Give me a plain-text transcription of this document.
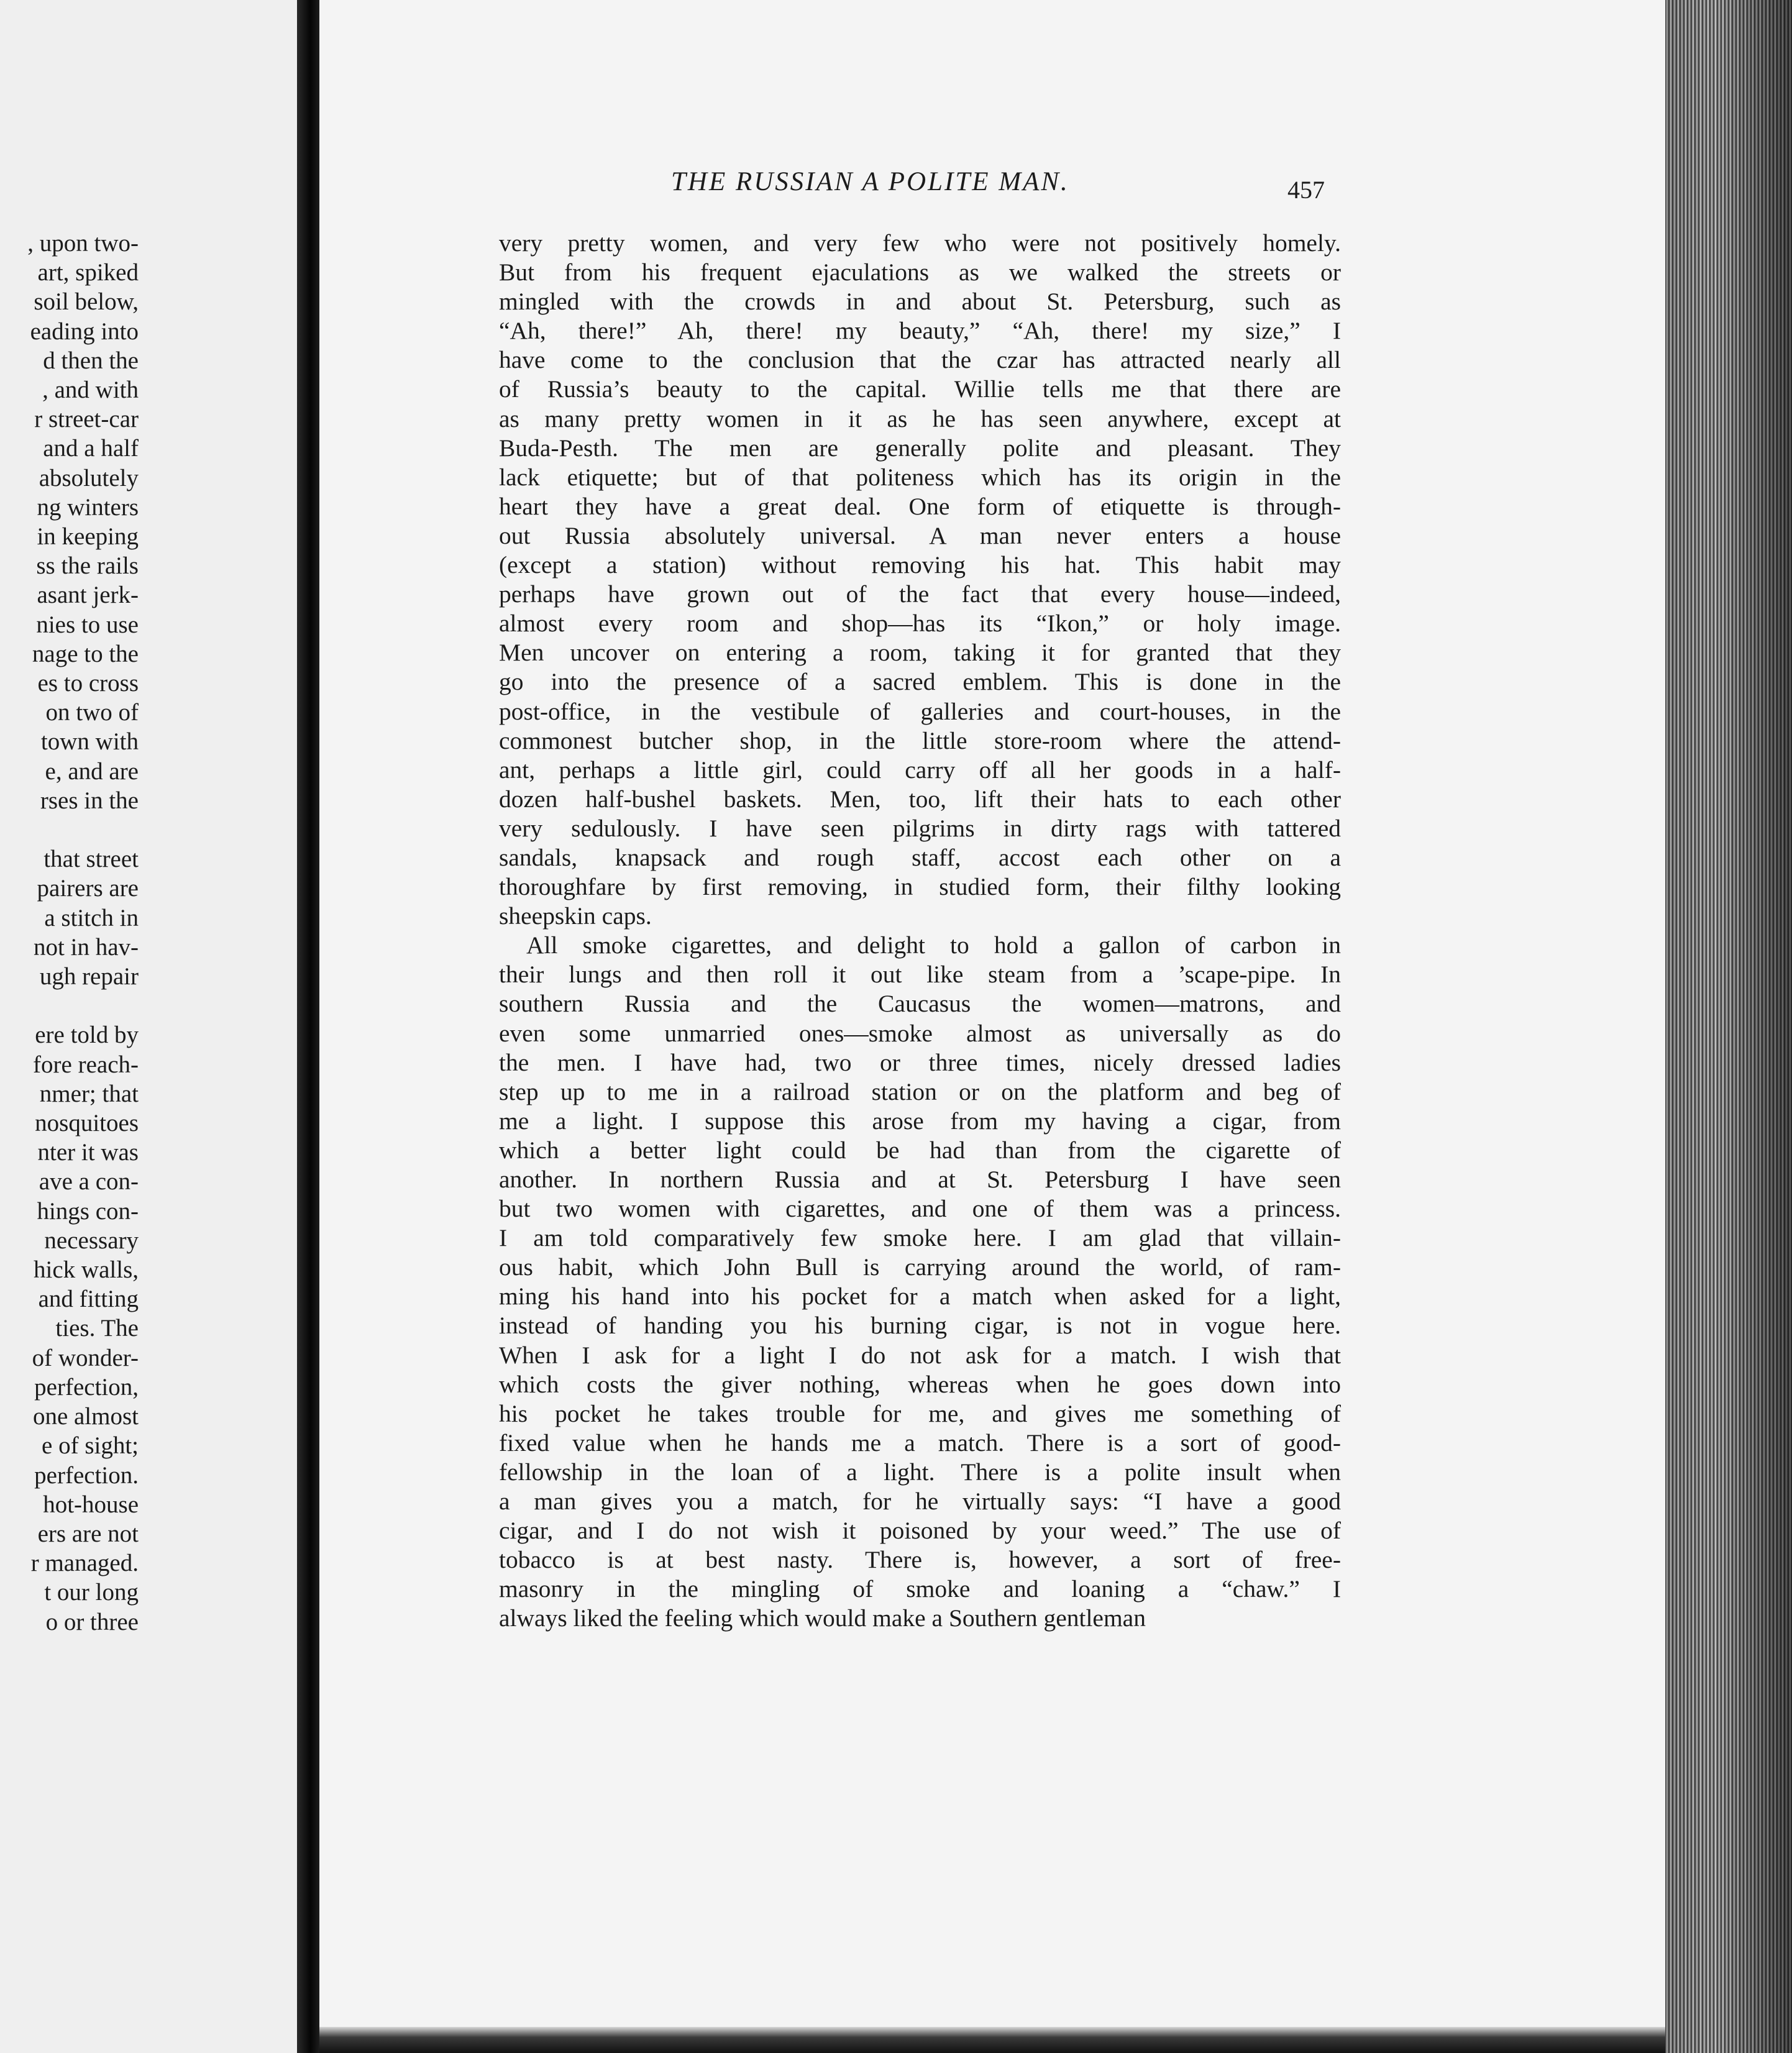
, upon two-
art, spiked
soil below,
eading into
d then the
, and with
r street-car
and a half
absolutely
ng winters
in keeping
ss the rails
asant jerk-
nies to use
nage to the
es to cross
on two of
town with
e, and are
rses in the
that street
pairers are
a stitch in
not in hav-
ugh repair
ere told by
fore reach-
nmer; that
nosquitoes
nter it was
ave a con-
hings con-
necessary
hick walls,
and fitting
ties. The
of wonder-
perfection,
one almost
e of sight;
perfection.
hot-house
ers are not
r managed.
t our long
o or three
THE RUSSIAN A POLITE MAN.	457
very pretty women, and very few who were not positively homely.
But from his frequent ejaculations as we walked the streets or
mingled with the crowds in and about St. Petersburg, such as
“Ah, there!” Ah, there! my beauty,” “Ah, there! my size,” I
have come to the conclusion that the czar has attracted nearly all
of Russia’s beauty to the capital. Willie tells me that there are
as many pretty women in it as he has seen anywhere, except at
Buda-Pesth. The men are generally polite and pleasant. They
lack etiquette; but of that politeness which has its origin in the
heart they have a great deal. One form of etiquette is through-
out Russia absolutely universal. A man never enters a house
(except a station) without removing his hat. This habit may
perhaps have grown out of the fact that every house—indeed,
almost every room and shop—has its “Ikon,” or holy image.
Men uncover on entering a room, taking it for granted that they
go into the presence of a sacred emblem. This is done in the
post-office, in the vestibule of galleries and court-houses, in the
commonest butcher shop, in the little store-room where the attend-
ant, perhaps a little girl, could carry off all her goods in a half-
dozen half-bushel baskets. Men, too, lift their hats to each other
very sedulously. I have seen pilgrims in dirty rags with tattered
sandals, knapsack and rough staff, accost each other on a
thoroughfare by first removing, in studied form, their filthy looking
sheepskin caps.
All smoke cigarettes, and delight to hold a gallon of carbon in
their lungs and then roll it out like steam from a ’scape-pipe. In
southern Russia and the Caucasus the women—matrons, and
even some unmarried ones—smoke almost as universally as do
the men. I have had, two or three times, nicely dressed ladies
step up to me in a railroad station or on the platform and beg of
me a light. I suppose this arose from my having a cigar, from
which a better light could be had than from the cigarette of
another. In northern Russia and at St. Petersburg I have seen
but two women with cigarettes, and one of them was a princess.
I am told comparatively few smoke here. I am glad that villain-
ous habit, which John Bull is carrying around the world, of ram-
ming his hand into his pocket for a match when asked for a light,
instead of handing you his burning cigar, is not in vogue here.
When I ask for a light I do not ask for a match. I wish that
which costs the giver nothing, whereas when he goes down into
his pocket he takes trouble for me, and gives me something of
fixed value when he hands me a match. There is a sort of good-
fellowship in the loan of a light. There is a polite insult when
a man gives you a match, for he virtually says: “I have a good
cigar, and I do not wish it poisoned by your weed.” The use of
tobacco is at best nasty. There is, however, a sort of free-
masonry in the mingling of smoke and loaning a “chaw.” I
always liked the feeling which would make a Southern gentleman
